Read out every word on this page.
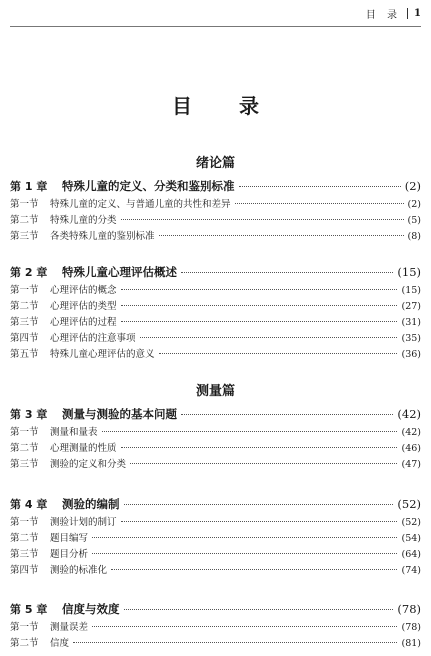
目 录 1
目 录
绪论篇
第 1 章	特殊儿童的定义、分类和鉴别标准	(2)
第一节	特殊儿童的定义、与普通儿童的共性和差异	(2)
第二节	特殊儿童的分类	(5)
第三节	各类特殊儿童的鉴别标准	(8)
第 2 章	特殊儿童心理评估概述	(15)
第一节	心理评估的概念	(15)
第二节	心理评估的类型	(27)
第三节	心理评估的过程	(31)
第四节	心理评估的注意事项	(35)
第五节	特殊儿童心理评估的意义	(36)
测量篇
第 3 章	测量与测验的基本问题	(42)
第一节	测量和量表	(42)
第二节	心理测量的性质	(46)
第三节	测验的定义和分类	(47)
第 4 章	测验的编制	(52)
第一节	测验计划的制订	(52)
第二节	题目编写	(54)
第三节	题目分析	(64)
第四节	测验的标准化	(74)
第 5 章	信度与效度	(78)
第一节	测量误差	(78)
第二节	信度	(81)
